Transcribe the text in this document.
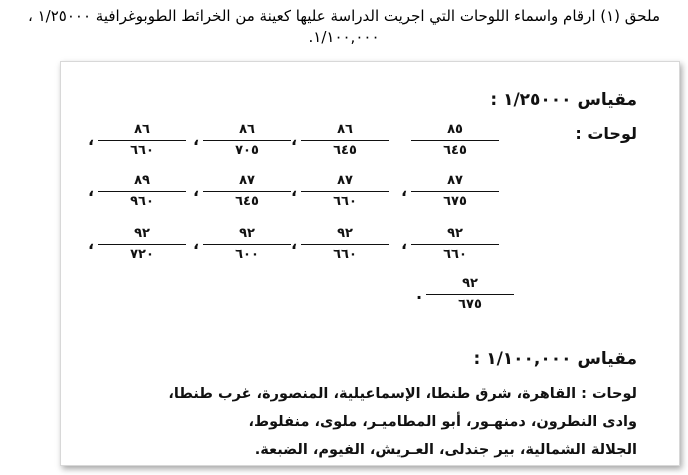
ملحق (١) ارقام واسماء اللوحات التي اجريت الدراسة عليها كعينة من الخرائط الطوبوغرافية ١/٢٥٠٠٠ ،
١/١٠٠,٠٠٠.
مقياس ١/٢٥٠٠٠ :
لوحات :
٨٥
٦٤٥
،
٨٦
٦٤٥
،
٨٦
٧٠٥
،
٨٦
٦٦٠
،
٨٧
٦٧٥
،
٨٧
٦٦٠
،
٨٧
٦٤٥
،
٨٩
٩٦٠
،
٩٢
٦٦٠
،
٩٢
٦٦٠
،
٩٢
٦٠٠
،
٩٢
٧٢٠
.
٩٢
٦٧٥
مقياس ١/١٠٠,٠٠٠ :
لوحات : القاهرة، شرق طنطا، الإسماعيلية، المنصورة، غرب طنطا،
وادى النطرون، دمنهـور، أبو المطاميـر، ملوى، منفلوط،
الجلالة الشمالية، بير جندلى، العـريش، الفيوم، الضبعة.
